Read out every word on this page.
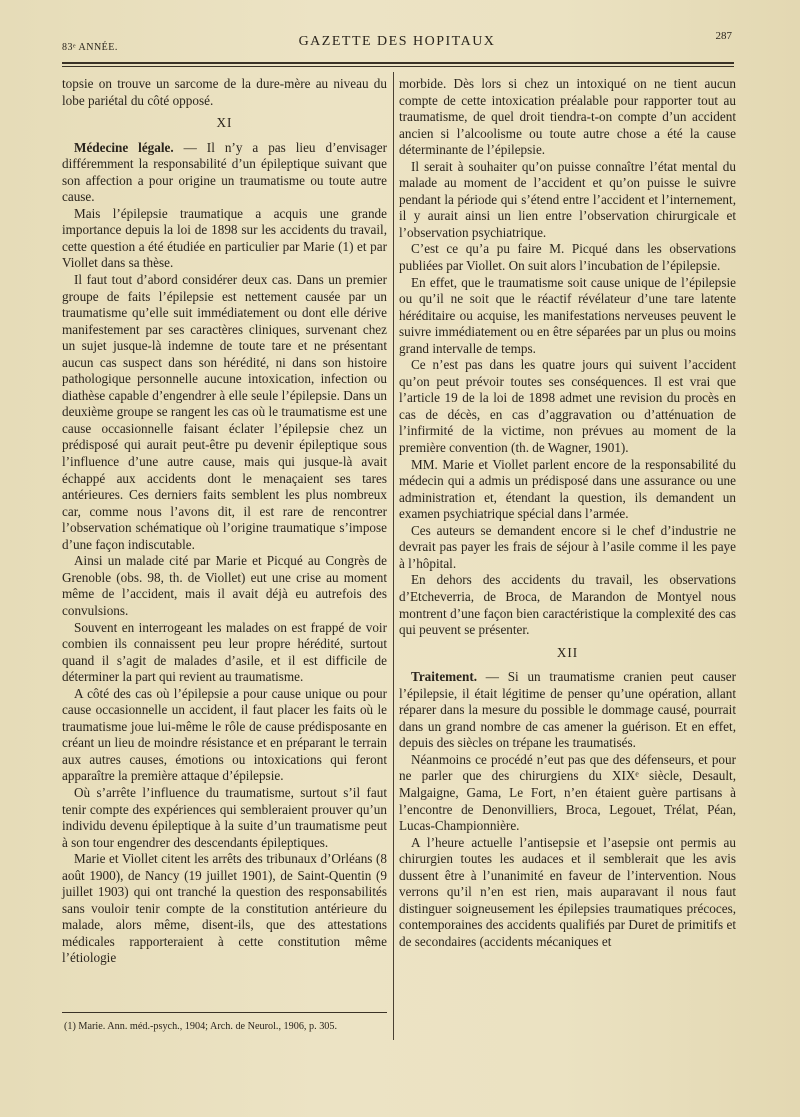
83ᵉ ANNÉE.	GAZETTE DES HOPITAUX	287

topsie on trouve un sarcome de la dure-mère au niveau du lobe pariétal du côté opposé.

XI

Médecine légale. — Il n’y a pas lieu d’envisager différemment la responsabilité d’un épileptique suivant que son affection a pour origine un traumatisme ou toute autre cause.

Mais l’épilepsie traumatique a acquis une grande importance depuis la loi de 1898 sur les accidents du travail, cette question a été étudiée en particulier par Marie (1) et par Viollet dans sa thèse.

Il faut tout d’abord considérer deux cas. Dans un premier groupe de faits l’épilepsie est nettement causée par un traumatisme qu’elle suit immédiatement ou dont elle dérive manifestement par ses caractères cliniques, survenant chez un sujet jusque-là indemne de toute tare et ne présentant aucun cas suspect dans son hérédité, ni dans son histoire pathologique personnelle aucune intoxication, infection ou diathèse capable d’engendrer à elle seule l’épilepsie. Dans un deuxième groupe se rangent les cas où le traumatisme est une cause occasionnelle faisant éclater l’épilepsie chez un prédisposé qui aurait peut-être pu devenir épileptique sous l’influence d’une autre cause, mais qui jusque-là avait échappé aux accidents dont le menaçaient ses tares antérieures. Ces derniers faits semblent les plus nombreux car, comme nous l’avons dit, il est rare de rencontrer l’observation schématique où l’origine traumatique s’impose d’une façon indiscutable.

Ainsi un malade cité par Marie et Picqué au Congrès de Grenoble (obs. 98, th. de Viollet) eut une crise au moment même de l’accident, mais il avait déjà eu autrefois des convulsions.

Souvent en interrogeant les malades on est frappé de voir combien ils connaissent peu leur propre hérédité, surtout quand il s’agit de malades d’asile, et il est difficile de déterminer la part qui revient au traumatisme.

A côté des cas où l’épilepsie a pour cause unique ou pour cause occasionnelle un accident, il faut placer les faits où le traumatisme joue lui-même le rôle de cause prédisposante en créant un lieu de moindre résistance et en préparant le terrain aux autres causes, émotions ou intoxications qui feront apparaître la première attaque d’épilepsie.

Où s’arrête l’influence du traumatisme, surtout s’il faut tenir compte des expériences qui sembleraient prouver qu’un individu devenu épileptique à la suite d’un traumatisme peut à son tour engendrer des descendants épileptiques.

Marie et Viollet citent les arrêts des tribunaux d’Orléans (8 août 1900), de Nancy (19 juillet 1901), de Saint-Quentin (9 juillet 1903) qui ont tranché la question des responsabilités sans vouloir tenir compte de la constitution antérieure du malade, alors même, disent-ils, que des attestations médicales rapporteraient à cette constitution même l’étiologie

morbide. Dès lors si chez un intoxiqué on ne tient aucun compte de cette intoxication préalable pour rapporter tout au traumatisme, de quel droit tiendra-t-on compte d’un accident ancien si l’alcoolisme ou toute autre chose a été la cause déterminante de l’épilepsie.

Il serait à souhaiter qu’on puisse connaître l’état mental du malade au moment de l’accident et qu’on puisse le suivre pendant la période qui s’étend entre l’accident et l’internement, il y aurait ainsi un lien entre l’observation chirurgicale et l’observation psychiatrique.

C’est ce qu’a pu faire M. Picqué dans les observations publiées par Viollet. On suit alors l’incubation de l’épilepsie.

En effet, que le traumatisme soit cause unique de l’épilepsie ou qu’il ne soit que le réactif révélateur d’une tare latente héréditaire ou acquise, les manifestations nerveuses peuvent le suivre immédiatement ou en être séparées par un plus ou moins grand intervalle de temps.

Ce n’est pas dans les quatre jours qui suivent l’accident qu’on peut prévoir toutes ses conséquences. Il est vrai que l’article 19 de la loi de 1898 admet une revision du procès en cas de décès, en cas d’aggravation ou d’atténuation de l’infirmité de la victime, non prévues au moment de la première convention (th. de Wagner, 1901).

MM. Marie et Viollet parlent encore de la responsabilité du médecin qui a admis un prédisposé dans une assurance ou une administration et, étendant la question, ils demandent un examen psychiatrique spécial dans l’armée.

Ces auteurs se demandent encore si le chef d’industrie ne devrait pas payer les frais de séjour à l’asile comme il les paye à l’hôpital.

En dehors des accidents du travail, les observations d’Etcheverria, de Broca, de Marandon de Montyel nous montrent d’une façon bien caractéristique la complexité des cas qui peuvent se présenter.

XII

Traitement. — Si un traumatisme cranien peut causer l’épilepsie, il était légitime de penser qu’une opération, allant réparer dans la mesure du possible le dommage causé, pourrait dans un grand nombre de cas amener la guérison. Et en effet, depuis des siècles on trépane les traumatisés.

Néanmoins ce procédé n’eut pas que des défenseurs, et pour ne parler que des chirurgiens du XIXᵉ siècle, Desault, Malgaigne, Gama, Le Fort, n’en étaient guère partisans à l’encontre de Denonvilliers, Broca, Legouet, Trélat, Péan, Lucas-Championnière.

A l’heure actuelle l’antisepsie et l’asepsie ont permis au chirurgien toutes les audaces et il semblerait que les avis dussent être à l’unanimité en faveur de l’intervention. Nous verrons qu’il n’en est rien, mais auparavant il nous faut distinguer soigneusement les épilepsies traumatiques précoces, contemporaines des accidents qualifiés par Duret de primitifs et de secondaires (accidents mécaniques et

(1) Marie. Ann. méd.-psych., 1904; Arch. de Neurol., 1906, p. 305.
